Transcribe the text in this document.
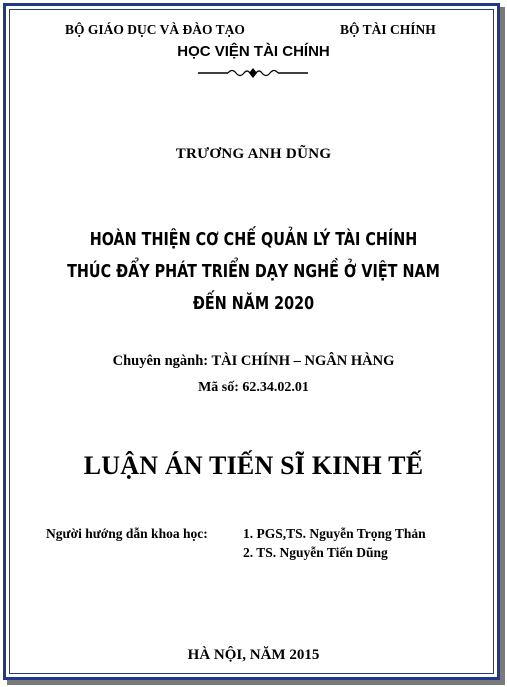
BỘ GIÁO DỤC VÀ ĐÀO TẠO	BỘ TÀI CHÍNH
HỌC VIỆN TÀI CHÍNH
TRƯƠNG ANH DŨNG
HOÀN THIỆN CƠ CHẾ QUẢN LÝ TÀI CHÍNH
THÚC ĐẨY PHÁT TRIỂN DẠY NGHỀ Ở VIỆT NAM
ĐẾN NĂM 2020
Chuyên ngành: TÀI CHÍNH – NGÂN HÀNG
Mã số: 62.34.02.01
LUẬN ÁN TIẾN SĨ KINH TẾ
Người hướng dẫn khoa học:	1. PGS,TS. Nguyễn Trọng Thản
2. TS. Nguyễn Tiến Dũng
HÀ NỘI, NĂM 2015
